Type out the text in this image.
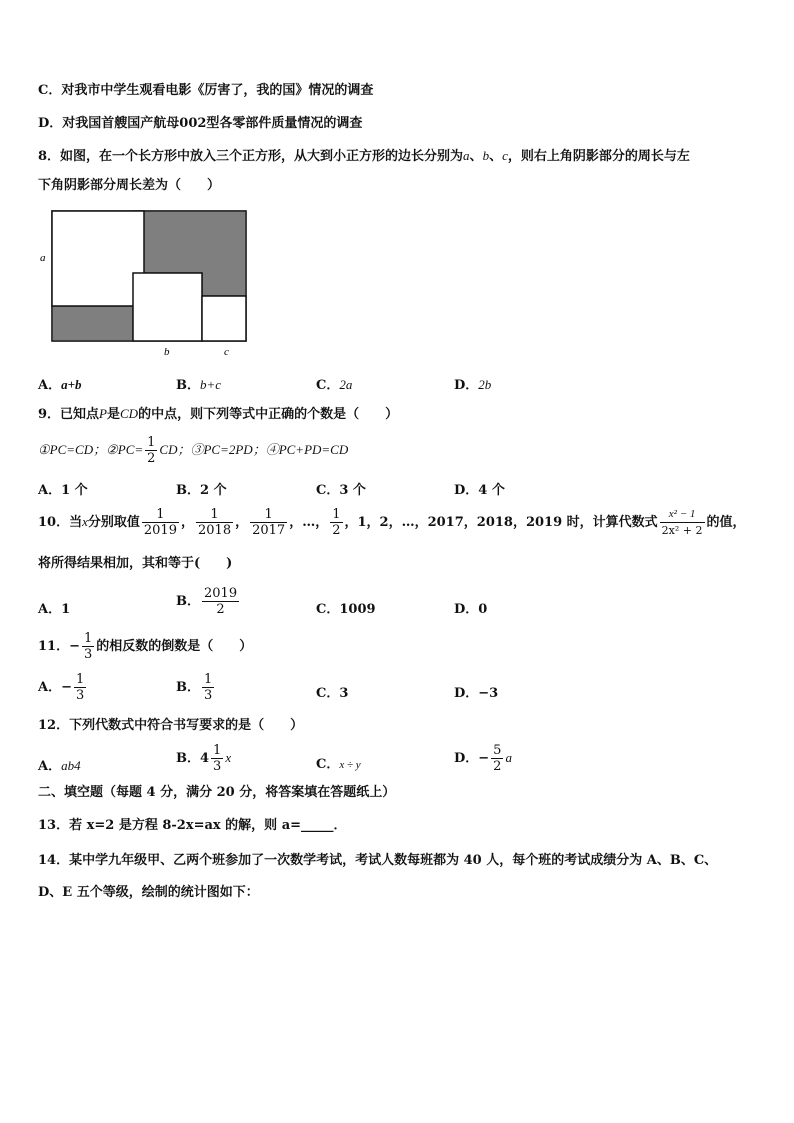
C．对我市中学生观看电影《厉害了，我的国》情况的调查
D．对我国首艘国产航母002型各零部件质量情况的调查
8．如图，在一个长方形中放入三个正方形，从大到小正方形的边长分别为a、b、c，则右上角阴影部分的周长与左
下角阴影部分周长差为（　　）
a
b	c
A．a+b	B．b+c	C．2a	D．2b
9．已知点P是CD的中点，则下列等式中正确的个数是（　　）
①PC=CD；②PC= $\frac{1}{2}$ CD；③PC=2PD；④PC+PD=CD
A．1 个	B．2 个	C．3 个	D．4 个
10．当x分别取值 $\frac{1}{2019}$ ， $\frac{1}{2018}$ ， $\frac{1}{2017}$ ，…， $\frac{1}{2}$ ，1，2，…，2017，2018，2019 时，计算代数式 $\frac{\text{x² − 1}}{\text{2x² + 2}}$ 的值，
将所得结果相加，其和等于(　　)
A．1
B． $\frac{2019}{2}$	C．1009	D．0
11．− $\frac{1}{3}$ 的相反数的倒数是（　　）
A．− $\frac{1}{3}$	B． $\frac{1}{3}$	C．3	D．−3
12．下列代数式中符合书写要求的是（　　）
A．ab4	B．$4 \frac{1}{3}$ x	C．x ÷ y	D．− $\frac{5}{2}$ a
二、填空题（每题 4 分，满分 20 分，将答案填在答题纸上）
13．若 x=2 是方程 8-2x=ax 的解，则 a=_____．
14．某中学九年级甲、乙两个班参加了一次数学考试，考试人数每班都为 40 人，每个班的考试成绩分为 A、B、C、
D、E 五个等级，绘制的统计图如下：
